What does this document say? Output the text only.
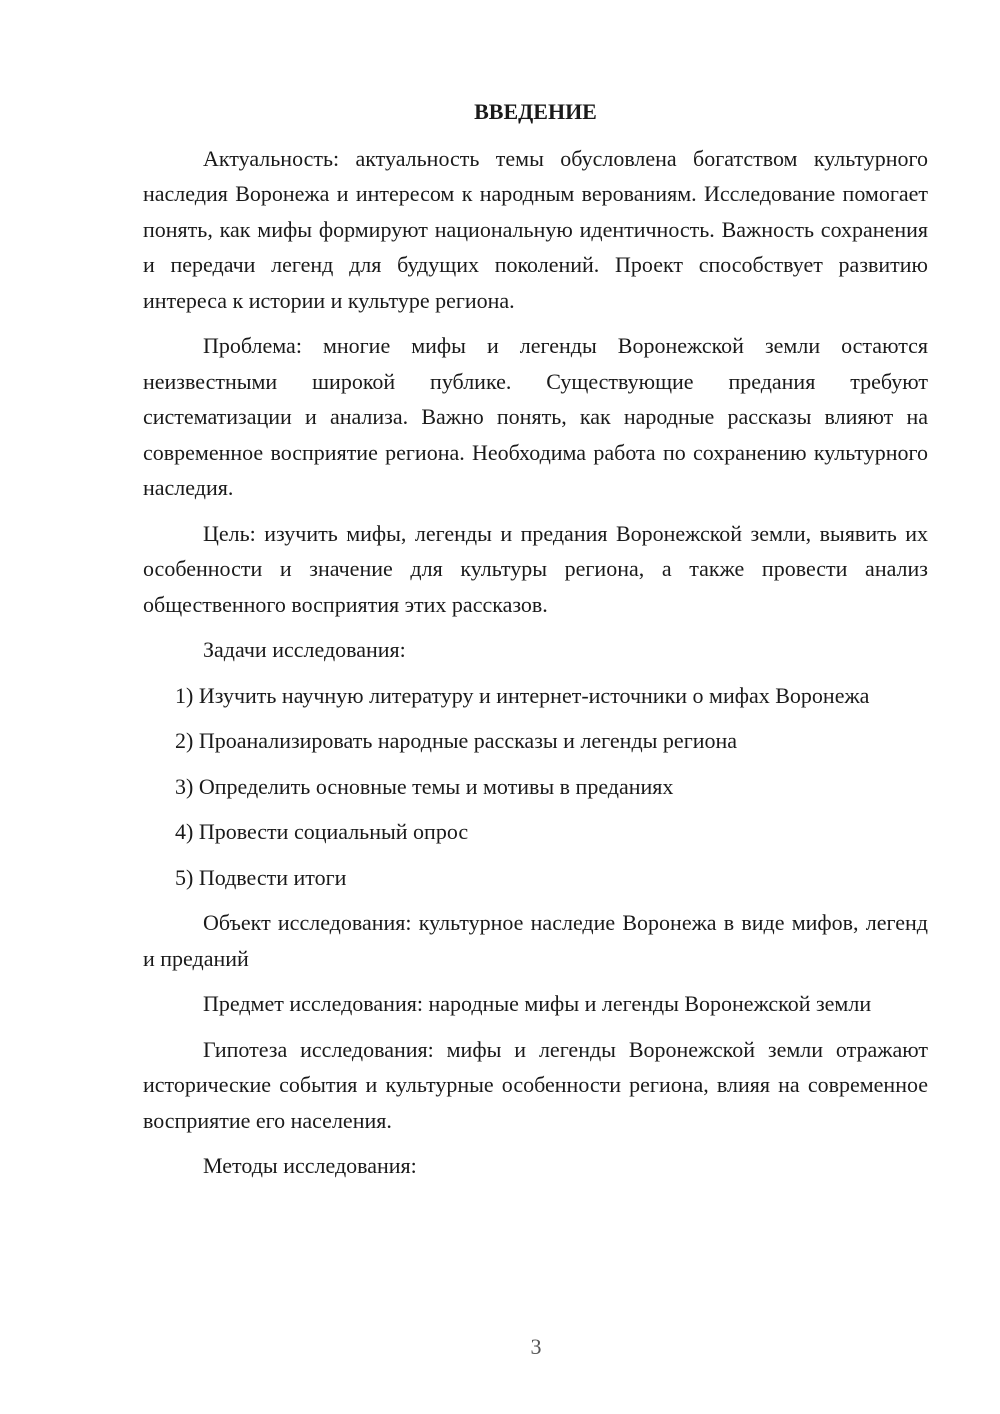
ВВЕДЕНИЕ

Актуальность: актуальность темы обусловлена богатством культурного наследия Воронежа и интересом к народным верованиям. Исследование помогает понять, как мифы формируют национальную идентичность. Важность сохранения и передачи легенд для будущих поколений. Проект способствует развитию интереса к истории и культуре региона.

Проблема: многие мифы и легенды Воронежской земли остаются неизвестными широкой публике. Существующие предания требуют систематизации и анализа. Важно понять, как народные рассказы влияют на современное восприятие региона. Необходима работа по сохранению культурного наследия.

Цель: изучить мифы, легенды и предания Воронежской земли, выявить их особенности и значение для культуры региона, а также провести анализ общественного восприятия этих рассказов.

Задачи исследования:

1) Изучить научную литературу и интернет-источники о мифах Воронежа

2) Проанализировать народные рассказы и легенды региона

3) Определить основные темы и мотивы в преданиях

4) Провести социальный опрос

5) Подвести итоги

Объект исследования: культурное наследие Воронежа в виде мифов, легенд и преданий

Предмет исследования: народные мифы и легенды Воронежской земли

Гипотеза исследования: мифы и легенды Воронежской земли отражают исторические события и культурные особенности региона, влияя на современное восприятие его населения.

Методы исследования:

3
